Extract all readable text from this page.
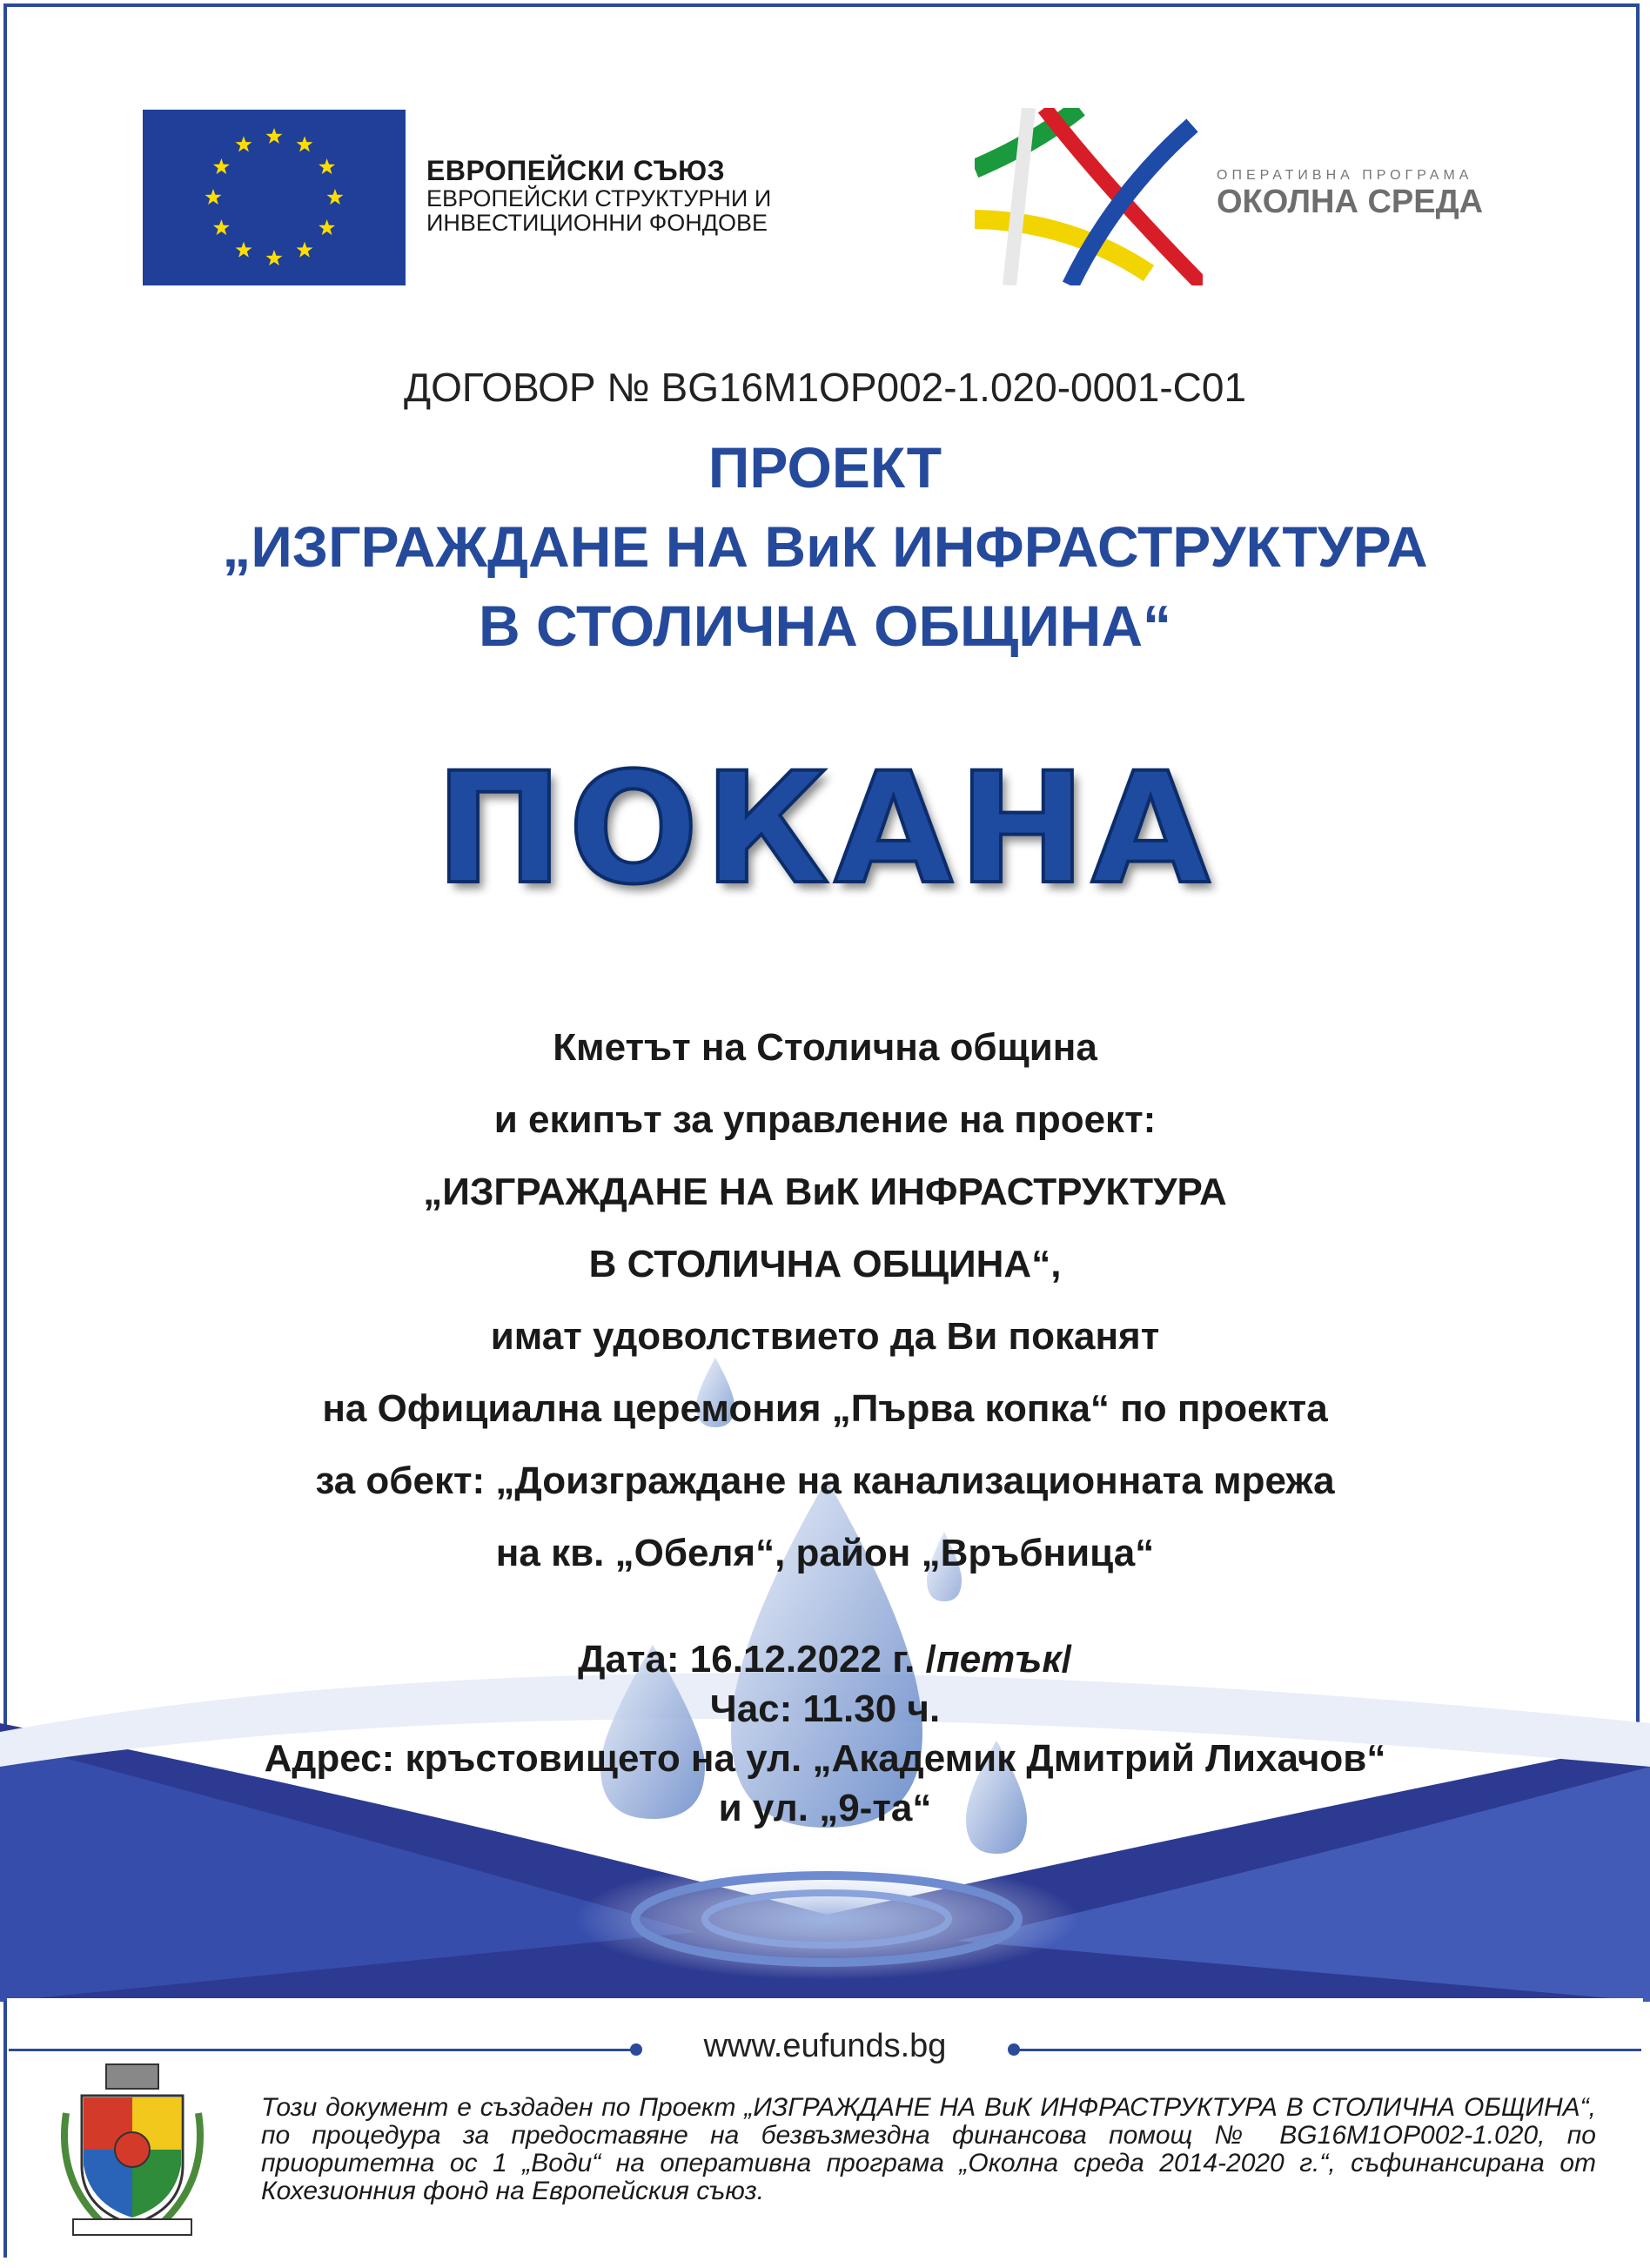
ЕВРОПЕЙСКИ СЪЮЗ
ЕВРОПЕЙСКИ СТРУКТУРНИ И
ИНВЕСТИЦИОННИ ФОНДОВЕ
ОПЕРАТИВНА ПРОГРАМА
ОКОЛНА СРЕДА
ДОГОВОР № BG16M1OP002-1.020-0001-C01
ПРОЕКТ
„ИЗГРАЖДАНЕ НА ВиК ИНФРАСТРУКТУРА
В СТОЛИЧНА ОБЩИНА“
ПОКАНА
Кметът на Столична община
и екипът за управление на проект:
„ИЗГРАЖДАНЕ НА ВиК ИНФРАСТРУКТУРА
В СТОЛИЧНА ОБЩИНА“,
имат удоволствието да Ви поканят
на Официална церемония „Първа копка“ по проекта
за обект: „Доизграждане на канализационната мрежа
на кв. „Обеля“, район „Връбница“
Дата: 16.12.2022 г. /петък/
Час: 11.30 ч.
Адрес: кръстовището на ул. „Академик Дмитрий Лихачов“
и ул. „9-та“
www.eufunds.bg
Този документ е създаден по Проект „ИЗГРАЖДАНЕ НА ВиК ИНФРАСТРУКТУРА В СТОЛИЧНА ОБЩИНА“, по процедура за предоставяне на безвъзмездна финансова помощ № BG16M1OP002-1.020, по приоритетна ос 1 „Води“ на оперативна програма „Околна среда 2014-2020 г.“, съфинансирана от Кохезионния фонд на Европейския съюз.
